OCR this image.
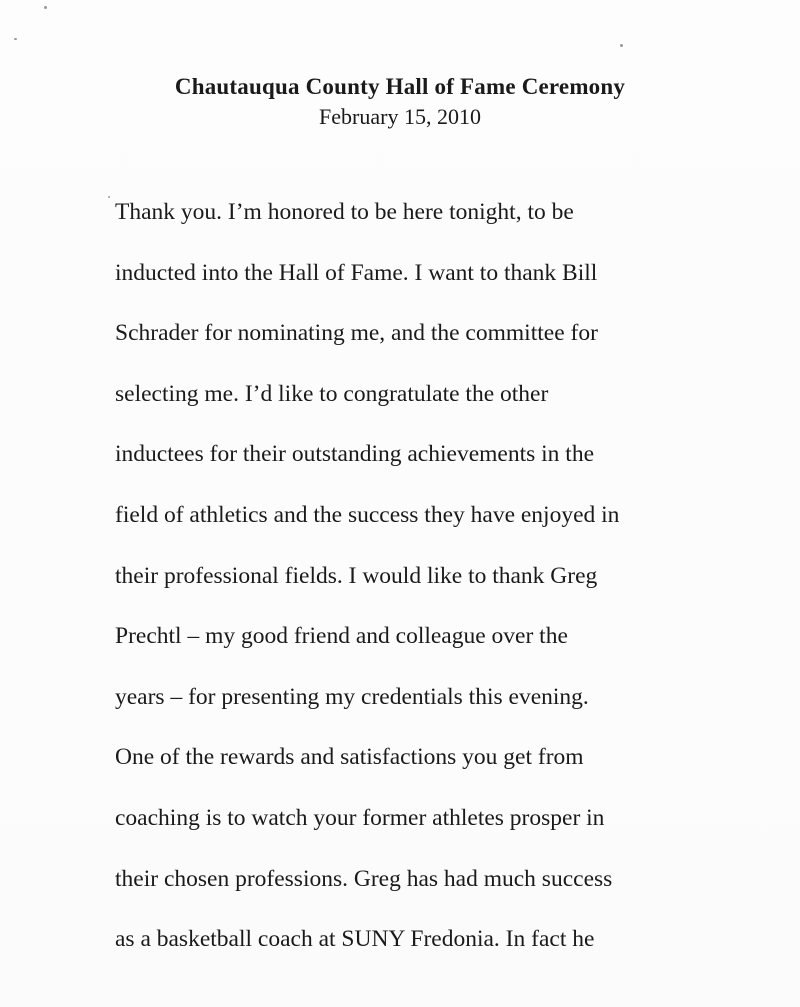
Chautauqua County Hall of Fame Ceremony
February 15, 2010
Thank you. I’m honored to be here tonight, to be
inducted into the Hall of Fame. I want to thank Bill
Schrader for nominating me, and the committee for
selecting me. I’d like to congratulate the other
inductees for their outstanding achievements in the
field of athletics and the success they have enjoyed in
their professional fields. I would like to thank Greg
Prechtl – my good friend and colleague over the
years – for presenting my credentials this evening.
One of the rewards and satisfactions you get from
coaching is to watch your former athletes prosper in
their chosen professions. Greg has had much success
as a basketball coach at SUNY Fredonia. In fact he
